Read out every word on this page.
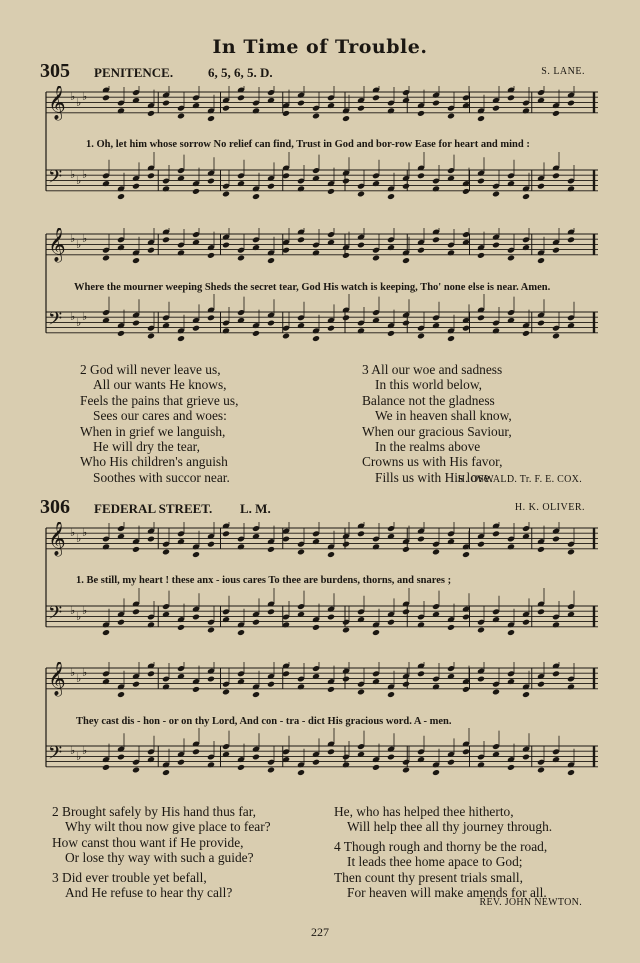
In Time of Trouble.
305 PENITENCE.	6, 5, 6, 5. D.	S. LANE.
𝄞 ♭ ♭ ♭
𝄢 ♭ ♭ ♭
1. Oh, let him whose sorrow No relief can find, Trust in God and bor-row Ease for heart and mind :
𝄞 ♭ ♭ ♭
𝄢 ♭ ♭ ♭
Where the mourner weeping Sheds the secret tear, God His watch is keeping, Tho' none else is near. Amen.
2 God will never leave us,
All our wants He knows,
Feels the pains that grieve us,
Sees our cares and woes:
When in grief we languish,
He will dry the tear,
Who His children's anguish
Soothes with succor near.
3 All our woe and sadness
In this world below,
Balance not the gladness
We in heaven shall know,
When our gracious Saviour,
In the realms above
Crowns us with His favor,
Fills us with His love.
H. OSWALD. Tr. F. E. COX.
306 FEDERAL STREET. L. M.	H. K. OLIVER.
𝄞 ♭ ♭ ♭
𝄢 ♭ ♭ ♭
1. Be still, my heart ! these anx - ious cares To thee are burdens, thorns, and snares ;
𝄞 ♭ ♭ ♭
𝄢 ♭ ♭ ♭
They cast dis - hon - or on thy Lord, And con - tra - dict His gracious word. A - men.
2 Brought safely by His hand thus far,
Why wilt thou now give place to fear?
How canst thou want if He provide,
Or lose thy way with such a guide?
3 Did ever trouble yet befall,
And He refuse to hear thy call?
He, who has helped thee hitherto,
Will help thee all thy journey through.
4 Though rough and thorny be the road,
It leads thee home apace to God;
Then count thy present trials small,
For heaven will make amends for all.
REV. JOHN NEWTON.
227
